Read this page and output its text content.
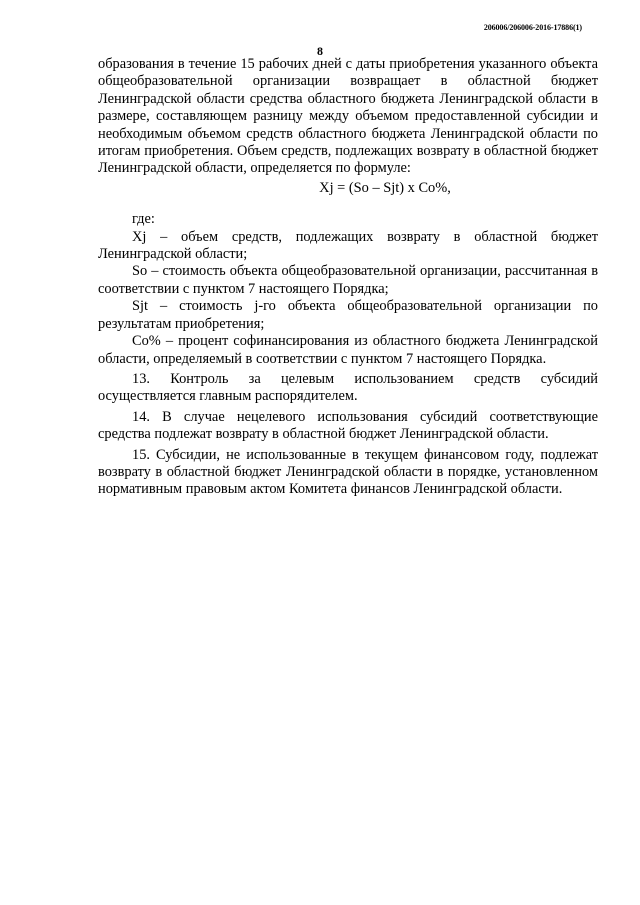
206006/206006-2016-17886(1)
8

образования в течение 15 рабочих дней с даты приобретения указанного объекта общеобразовательной организации возвращает в областной бюджет Ленинградской области средства областного бюджета Ленинградской области в размере, составляющем разницу между объемом предоставленной субсидии и необходимым объемом средств областного бюджета Ленинградской области по итогам приобретения. Объем средств, подлежащих возврату в областной бюджет Ленинградской области, определяется по формуле:

Xj = (So – Sjt) x Co%,

где:

Xj – объем средств, подлежащих возврату в областной бюджет Ленинградской области;

So – стоимость объекта общеобразовательной организации, рассчитанная в соответствии с пунктом 7 настоящего Порядка;

Sjt – стоимость j-го объекта общеобразовательной организации по результатам приобретения;

Co% – процент софинансирования из областного бюджета Ленинградской области, определяемый в соответствии с пунктом 7 настоящего Порядка.

13. Контроль за целевым использованием средств субсидий осуществляется главным распорядителем.

14. В случае нецелевого использования субсидий соответствующие средства подлежат возврату в областной бюджет Ленинградской области.

15. Субсидии, не использованные в текущем финансовом году, подлежат возврату в областной бюджет Ленинградской области в порядке, установленном нормативным правовым актом Комитета финансов Ленинградской области.
